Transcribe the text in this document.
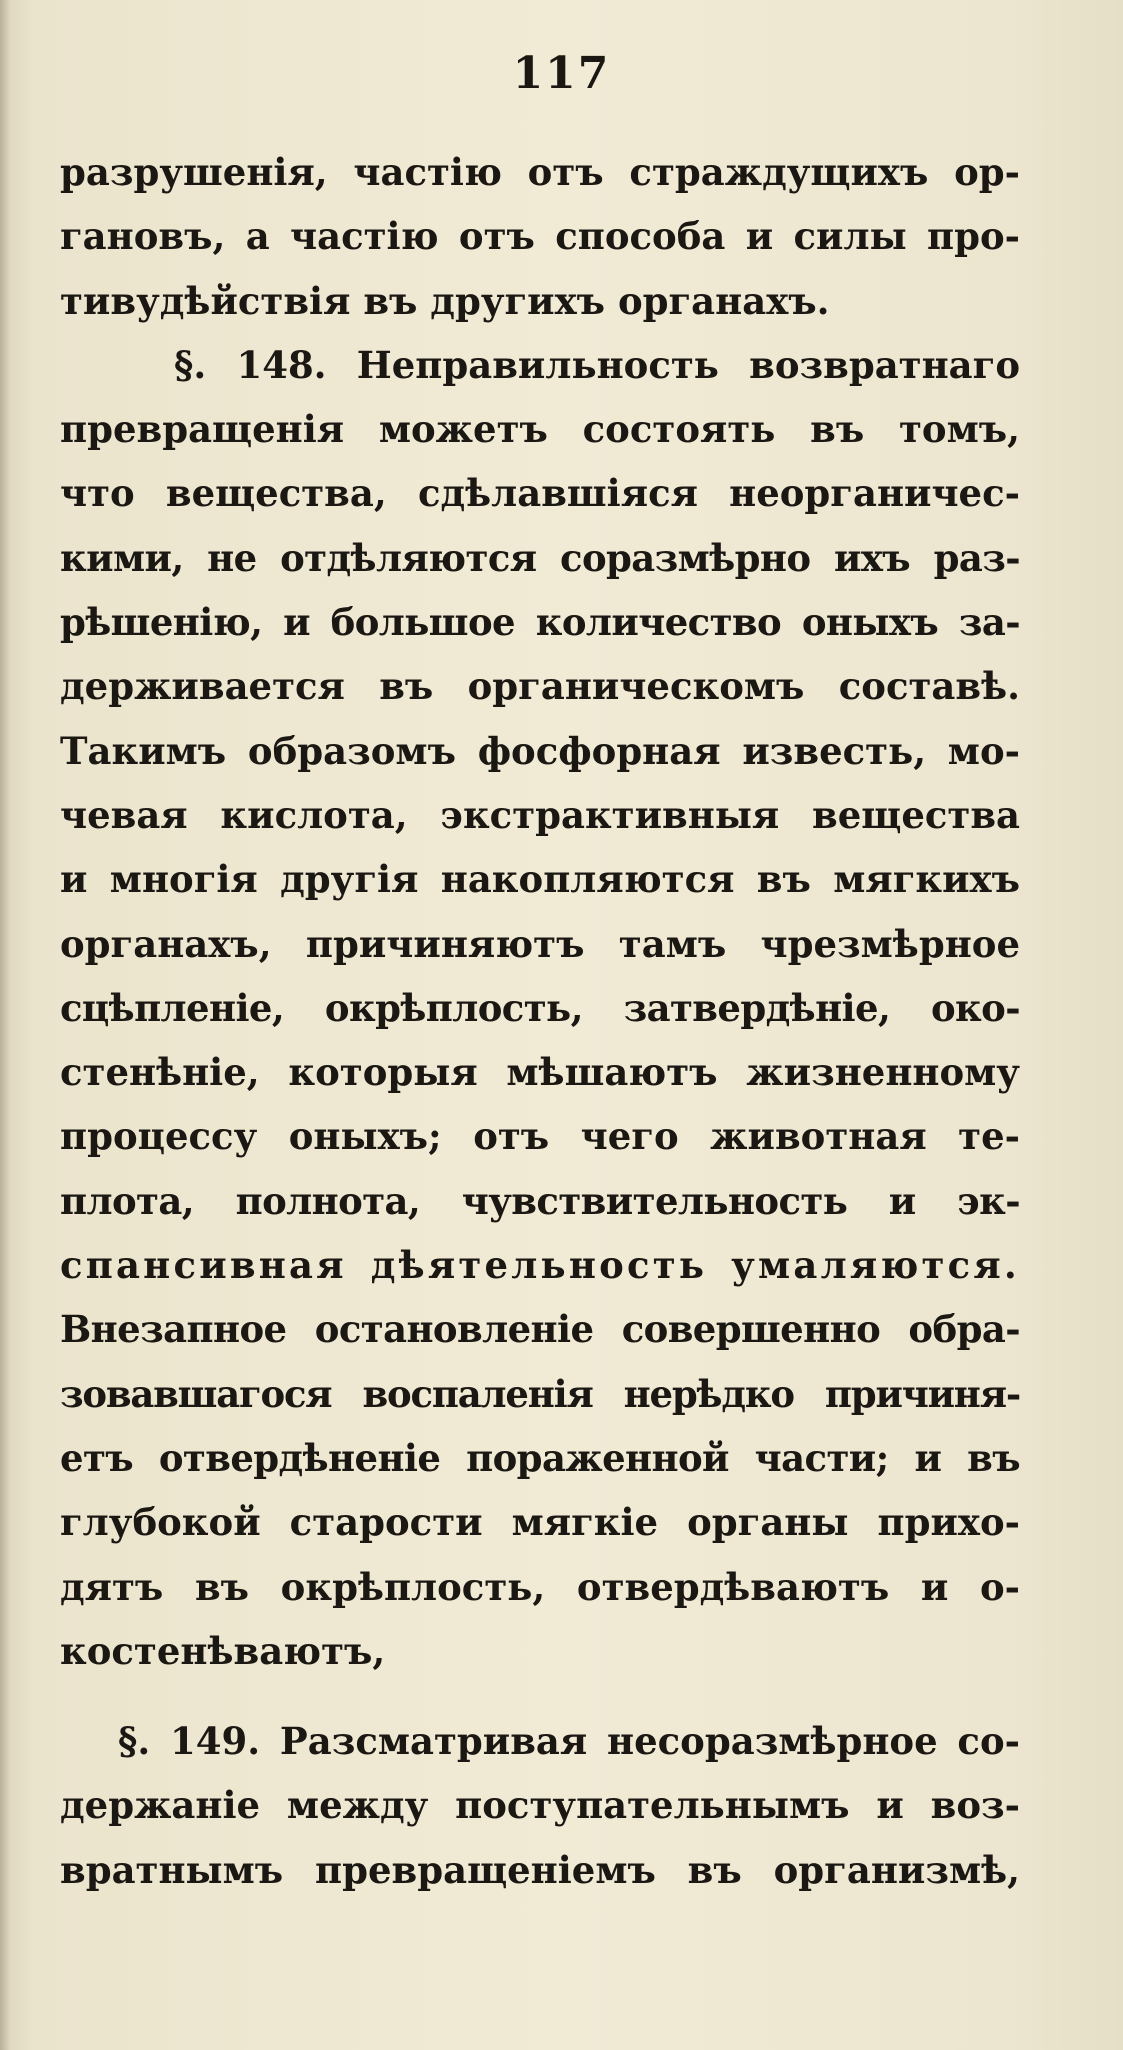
117
разрушенія, частію отъ страждущихъ ор-
гановъ, а частію отъ способа и силы про-
тивудѣйствія въ другихъ органахъ.
§. 148. Неправильность возвратнаго
превращенія можетъ состоять въ томъ,
что вещества, сдѣлавшіяся неорганичес-
кими, не отдѣляются соразмѣрно ихъ раз-
рѣшенію, и большое количество оныхъ за-
держивается въ органическомъ составѣ.
Такимъ образомъ фосфорная известь, мо-
чевая кислота, экстрактивныя вещества
и многія другія накопляются въ мягкихъ
органахъ, причиняютъ тамъ чрезмѣрное
сцѣпленіе, окрѣплость, затвердѣніе, око-
стенѣніе, которыя мѣшаютъ жизненному
процессу оныхъ; отъ чего животная те-
плота, полнота, чувствительность и эк-
спансивная дѣятельность умаляются.
Внезапное остановленіе совершенно обра-
зовавшагося воспаленія нерѣдко причиня-
етъ отвердѣненіе пораженной части; и въ
глубокой старости мягкіе органы прихо-
дятъ въ окрѣплость, отвердѣваютъ и о-
костенѣваютъ,
§. 149. Разсматривая несоразмѣрное со-
держаніе между поступательнымъ и воз-
вратнымъ превращеніемъ въ организмѣ,
